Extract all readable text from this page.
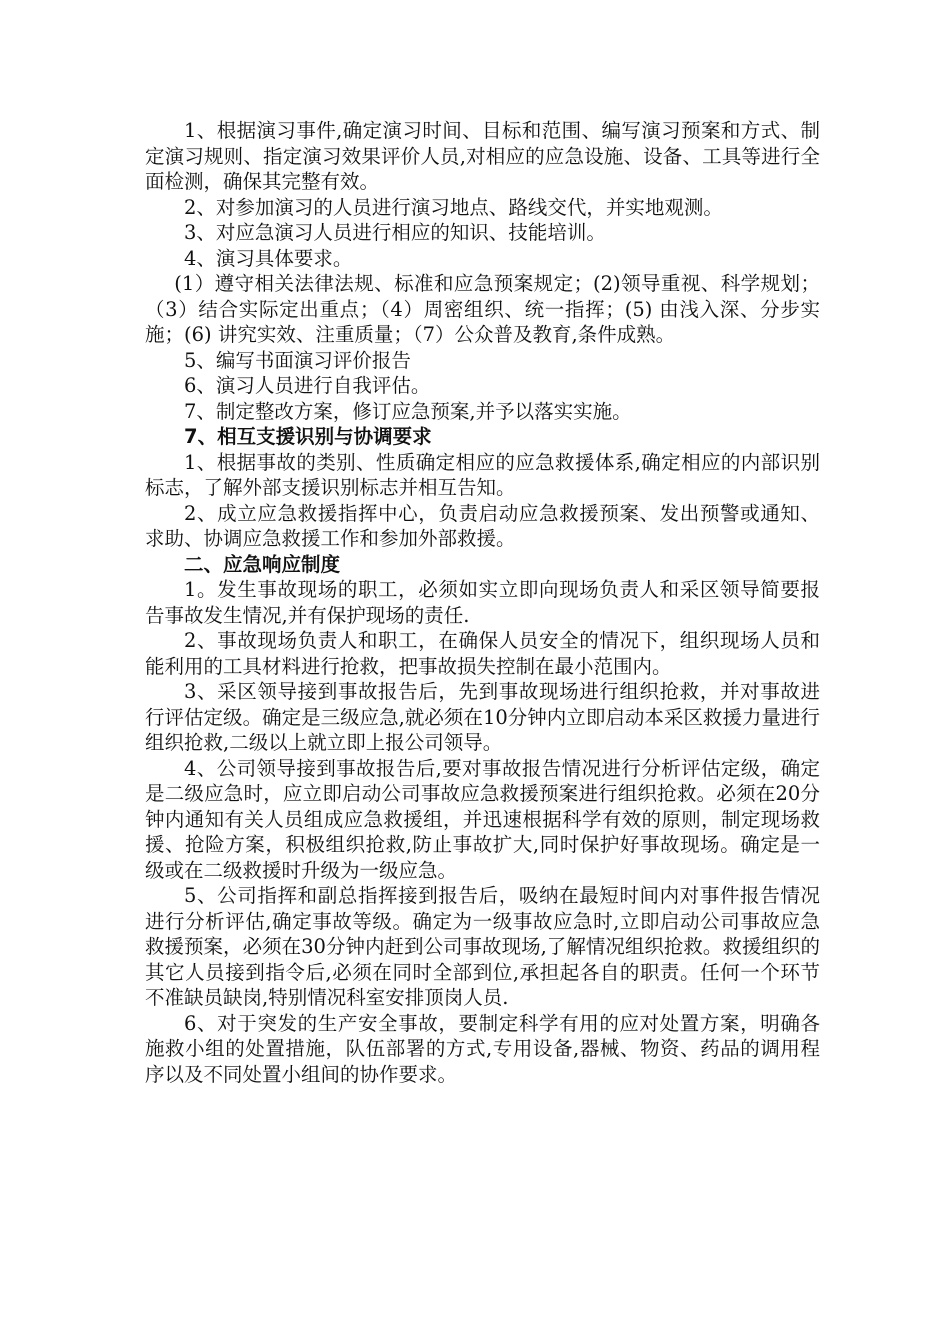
1、根据演习事件,确定演习时间、目标和范围、编写演习预案和方式、制定演习规则、指定演习效果评价人员,对相应的应急设施、设备、工具等进行全面检测，确保其完整有效。

2、对参加演习的人员进行演习地点、路线交代，并实地观测。

3、对应急演习人员进行相应的知识、技能培训。

4、演习具体要求。

(1）遵守相关法律法规、标准和应急预案规定；(2)领导重视、科学规划；（3）结合实际定出重点；（4）周密组织、统一指挥；(5) 由浅入深、分步实施；(6) 讲究实效、注重质量；（7）公众普及教育,条件成熟。

5、编写书面演习评价报告

6、演习人员进行自我评估。

7、制定整改方案，修订应急预案,并予以落实实施。

7、相互支援识别与协调要求

1、根据事故的类别、性质确定相应的应急救援体系,确定相应的内部识别标志，了解外部支援识别标志并相互告知。

2、成立应急救援指挥中心，负责启动应急救援预案、发出预警或通知、求助、协调应急救援工作和参加外部救援。

二、应急响应制度

1。发生事故现场的职工，必须如实立即向现场负责人和采区领导简要报告事故发生情况,并有保护现场的责任.

2、事故现场负责人和职工，在确保人员安全的情况下，组织现场人员和能利用的工具材料进行抢救，把事故损失控制在最小范围内。

3、采区领导接到事故报告后，先到事故现场进行组织抢救，并对事故进行评估定级。确定是三级应急,就必须在10分钟内立即启动本采区救援力量进行组织抢救,二级以上就立即上报公司领导。

4、公司领导接到事故报告后,要对事故报告情况进行分析评估定级，确定是二级应急时，应立即启动公司事故应急救援预案进行组织抢救。必须在20分钟内通知有关人员组成应急救援组，并迅速根据科学有效的原则，制定现场救援、抢险方案，积极组织抢救,防止事故扩大,同时保护好事故现场。确定是一级或在二级救援时升级为一级应急。

5、公司指挥和副总指挥接到报告后，吸纳在最短时间内对事件报告情况进行分析评估,确定事故等级。确定为一级事故应急时,立即启动公司事故应急救援预案，必须在30分钟内赶到公司事故现场,了解情况组织抢救。救援组织的其它人员接到指令后,必须在同时全部到位,承担起各自的职责。任何一个环节不准缺员缺岗,特别情况科室安排顶岗人员.

6、对于突发的生产安全事故，要制定科学有用的应对处置方案，明确各施救小组的处置措施，队伍部署的方式,专用设备,器械、物资、药品的调用程序以及不同处置小组间的协作要求。
